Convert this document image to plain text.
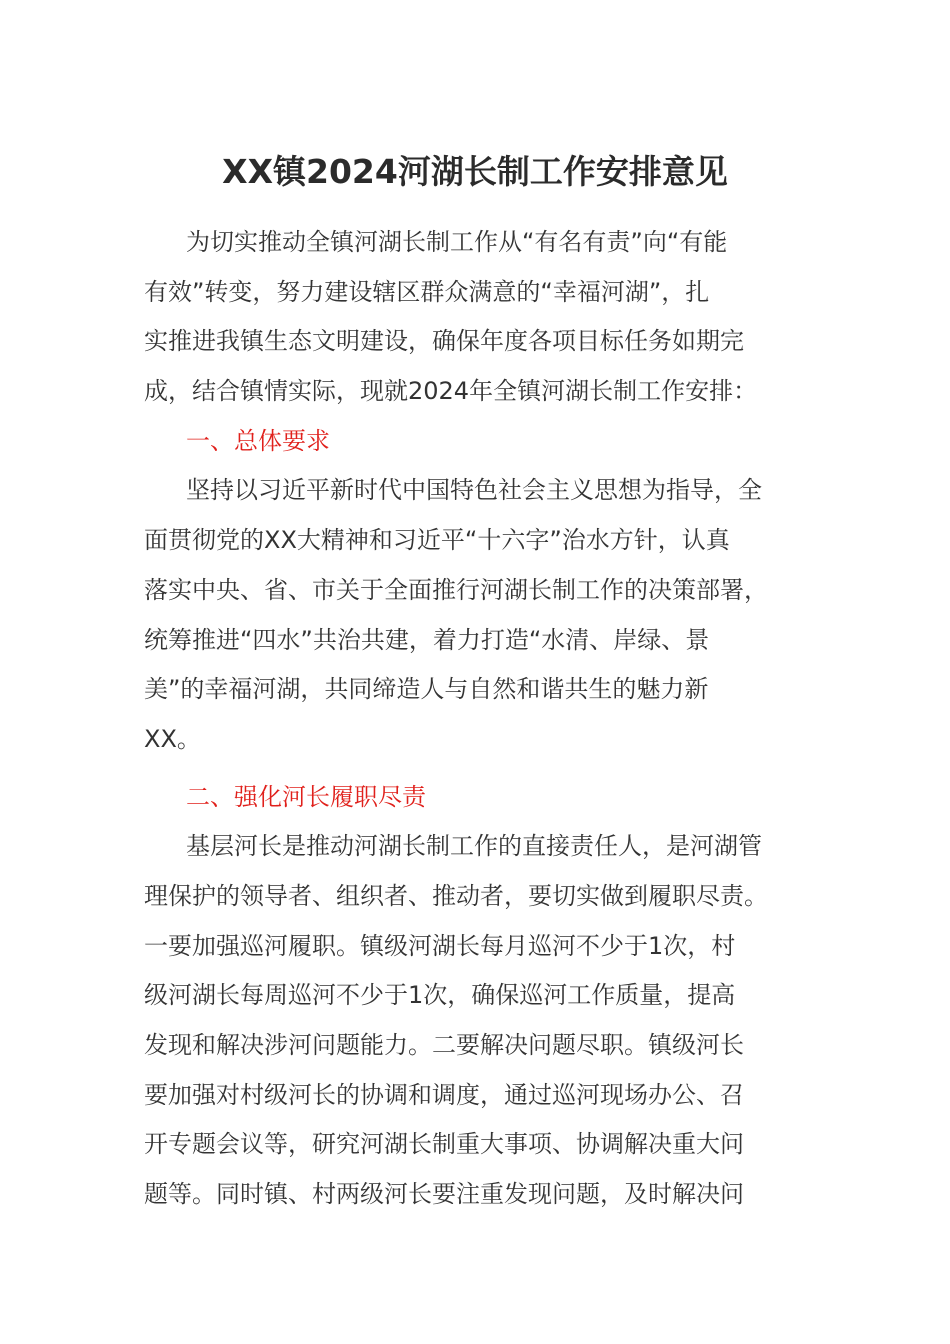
XX镇2024河湖长制工作安排意见
为切实推动全镇河湖长制工作从“有名有责”向“有能
有效”转变，努力建设辖区群众满意的“幸福河湖”，扎
实推进我镇生态文明建设，确保年度各项目标任务如期完
成，结合镇情实际，现就2024年全镇河湖长制工作安排：
一、总体要求
坚持以习近平新时代中国特色社会主义思想为指导，全
面贯彻党的XX大精神和习近平“十六字”治水方针，认真
落实中央、省、市关于全面推行河湖长制工作的决策部署，
统筹推进“四水”共治共建，着力打造“水清、岸绿、景
美”的幸福河湖，共同缔造人与自然和谐共生的魅力新
XX。
二、强化河长履职尽责
基层河长是推动河湖长制工作的直接责任人，是河湖管
理保护的领导者、组织者、推动者，要切实做到履职尽责。
一要加强巡河履职。镇级河湖长每月巡河不少于1次，村
级河湖长每周巡河不少于1次，确保巡河工作质量，提高
发现和解决涉河问题能力。二要解决问题尽职。镇级河长
要加强对村级河长的协调和调度，通过巡河现场办公、召
开专题会议等，研究河湖长制重大事项、协调解决重大问
题等。同时镇、村两级河长要注重发现问题，及时解决问
